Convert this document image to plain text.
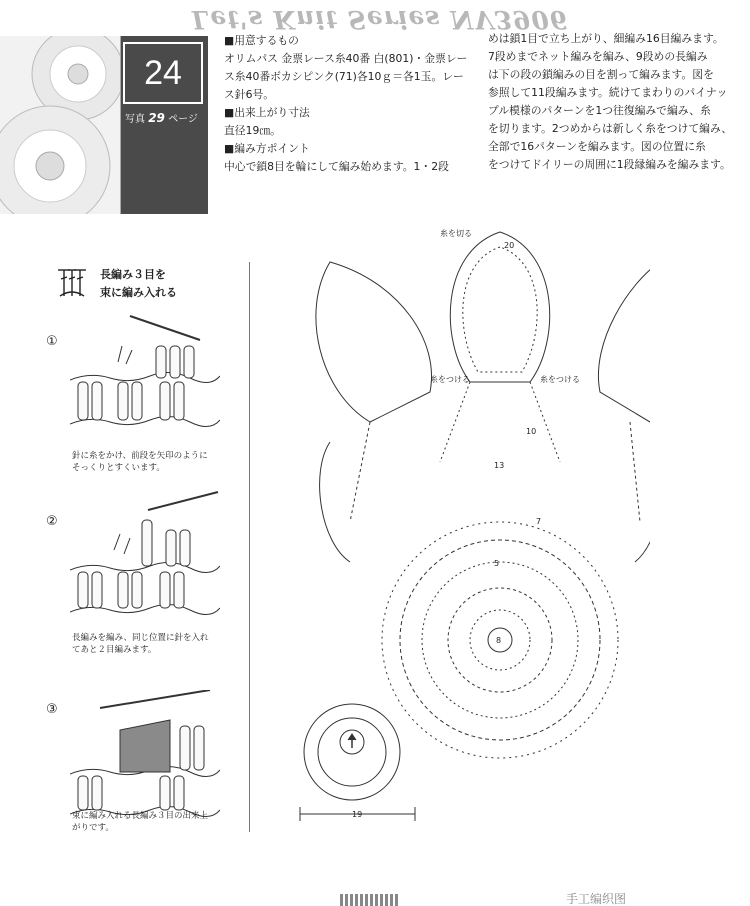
Let's Knit Series NV3906
24
写真 29 ページ
■用意するもの
オリムパス 金票レース糸40番 白(801)・金票レー
ス糸40番ボカシピンク(71)各10ｇ＝各1玉。レー
ス針6号。
■出来上がり寸法
直径19㎝。
■編み方ポイント
中心で鎖8目を輪にして編み始めます。1・2段
めは鎖1目で立ち上がり、細編み16目編みます。
7段めまでネット編みを編み、9段めの長編み
は下の段の鎖編みの目を割って編みます。図を
参照して11段編みます。続けてまわりのパイナッ
プル模様のパターンを1つ往復編みで編み、糸
を切ります。2つめからは新しく糸をつけて編み、
全部で16パターンを編みます。図の位置に糸
をつけてドイリーの周囲に1段縁編みを編みます。
長編み３目を
束に編み入れる
①
針に糸をかけ、前段を矢印のように
そっくりとすくいます。
②
長編みを編み、同じ位置に針を入れ
てあと２目編みます。
③
束に編み入れる長編み３目の出来上
がりです。
糸を切る
糸をつける	糸をつける
20
10
13
7
5
8
19
手工编织图
